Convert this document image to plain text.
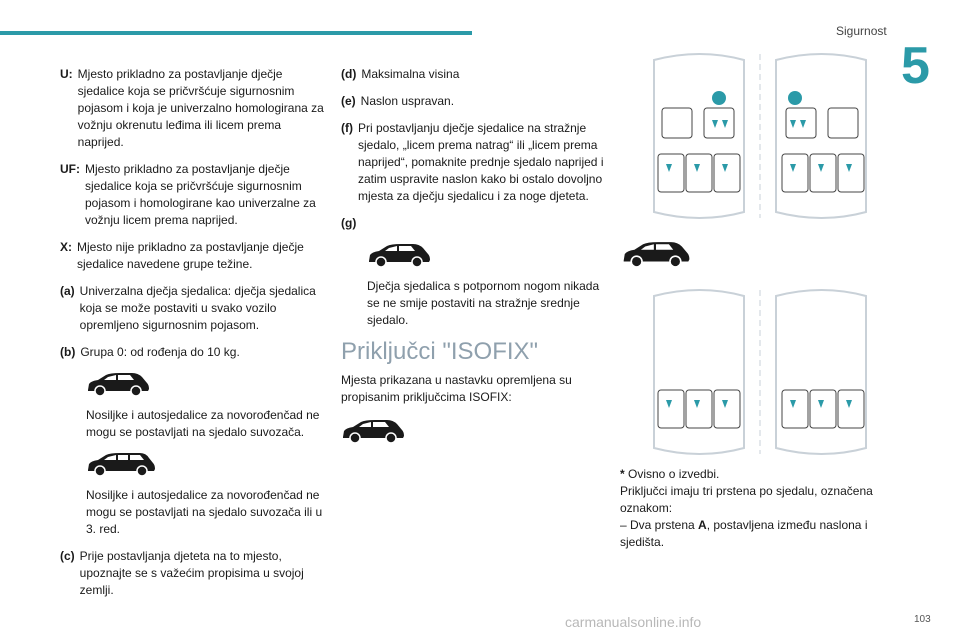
Sigurnost
5
U: Mjesto prikladno za postavljanje dječje sjedalice koja se pričvršćuje sigurnosnim pojasom i koja je univerzalno homologirana za vožnju okrenutu leđima ili licem prema naprijed.
UF: Mjesto prikladno za postavljanje dječje sjedalice koja se pričvršćuje sigurnosnim pojasom i homologirane kao univerzalne za vožnju licem prema naprijed.
X: Mjesto nije prikladno za postavljanje dječje sjedalice navedene grupe težine.
(a) Univerzalna dječja sjedalica: dječja sjedalica koja se može postaviti u svako vozilo opremljeno sigurnosnim pojasom.
(b) Grupa 0: od rođenja do 10 kg.
Nosiljke i autosjedalice za novorođenčad ne mogu se postavljati na sjedalo suvozača.
Nosiljke i autosjedalice za novorođenčad ne mogu se postavljati na sjedalo suvozača ili u 3. red.
(c) Prije postavljanja djeteta na to mjesto, upoznajte se s važećim propisima u svojoj zemlji.
(d) Maksimalna visina
(e) Naslon uspravan.
(f) Pri postavljanju dječje sjedalice na stražnje sjedalo, „licem prema natrag“ ili „licem prema naprijed“, pomaknite prednje sjedalo naprijed i zatim uspravite naslon kako bi ostalo dovoljno mjesta za dječju sjedalicu i za noge djeteta.
(g)
Dječja sjedalica s potpornom nogom nikada se ne smije postaviti na stražnje srednje sjedalo.
Priključci "ISOFIX"
Mjesta prikazana u nastavku opremljena su propisanim priključcima ISOFIX:

* Ovisno o izvedbi.

Priključci imaju tri prstena po sjedalu, označena oznakom:

– Dva prstena A, postavljena između naslona i sjedišta.

carmanualsonline.info	103
